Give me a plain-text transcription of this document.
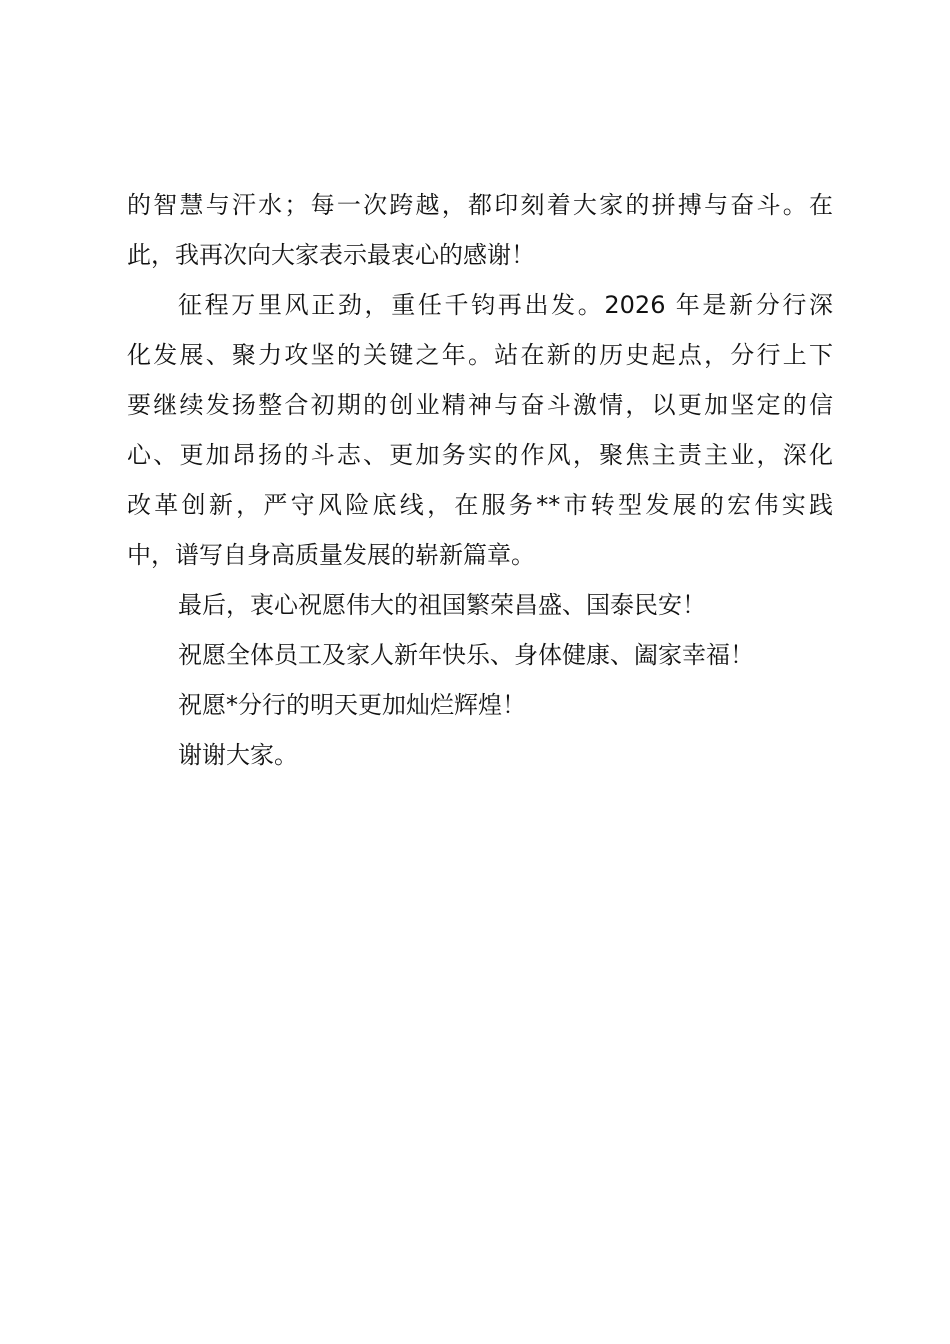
的智慧与汗水；每一次跨越，都印刻着大家的拼搏与奋斗。在
此，我再次向大家表示最衷心的感谢！
征程万里风正劲，重任千钧再出发。2026 年是新分行深
化发展、聚力攻坚的关键之年。站在新的历史起点，分行上下
要继续发扬整合初期的创业精神与奋斗激情，以更加坚定的信
心、更加昂扬的斗志、更加务实的作风，聚焦主责主业，深化
改革创新，严守风险底线，在服务**市转型发展的宏伟实践
中，谱写自身高质量发展的崭新篇章。
最后，衷心祝愿伟大的祖国繁荣昌盛、国泰民安！
祝愿全体员工及家人新年快乐、身体健康、阖家幸福！
祝愿*分行的明天更加灿烂辉煌！
谢谢大家。
